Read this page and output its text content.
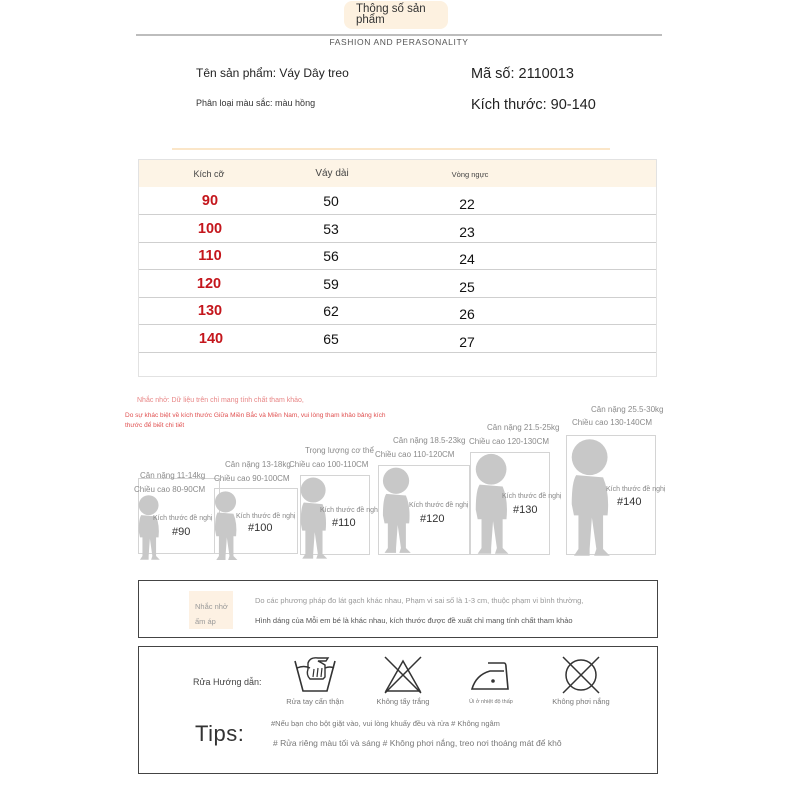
Thông số sản phẩm
FASHION AND PERASONALITY
Tên sản phẩm: Váy Dây treo
Phân loại màu sắc: màu hồng
Mã số: 2110013
Kích thước: 90-140
Kích cỡ	Váy dài	Vòng ngực
90	50	22
100	53	23
110	56	24
120	59	25
130	62	26
140	65	27
Nhắc nhở: Dữ liệu trên chỉ mang tính chất tham khảo,
Do sự khác biệt về kích thước Giữa Miền Bắc và Miền Nam, vui lòng tham khảo bảng kích thước để biết chi tiết
Cân nặng 11-14kg
Chiều cao 80-90CM
Kích thước đề nghị
#90
Cân nặng 13-18kg
Chiều cao 90-100CM
Kích thước đề nghị
#100
Trọng lượng cơ thể
Chiều cao 100-110CM
Kích thước đề nghị
#110
Cân nặng 18.5-23kg
Chiều cao 110-120CM
Kích thước đề nghị
#120
Cân nặng 21.5-25kg
Chiều cao 120-130CM
Kích thước đề nghị
#130
Cân nặng 25.5-30kg
Chiều cao 130-140CM
Kích thước đề nghị
#140
Nhắc nhở ấm áp
Do các phương pháp đo lát gạch khác nhau, Phạm vi sai số là 1-3 cm, thuộc phạm vi bình thường,
Hình dáng của Mỗi em bé là khác nhau, kích thước được đề xuất chỉ mang tính chất tham khảo
Rửa Hướng dẫn:
Rửa tay cẩn thận	Không tẩy trắng	Ủi ở nhiệt độ thấp	Không phơi nắng
Tips:	#Nếu bạn cho bột giặt vào, vui lòng khuấy đều và rửa # Không ngâm
# Rửa riêng màu tối và sáng # Không phơi nắng, treo nơi thoáng mát để khô
